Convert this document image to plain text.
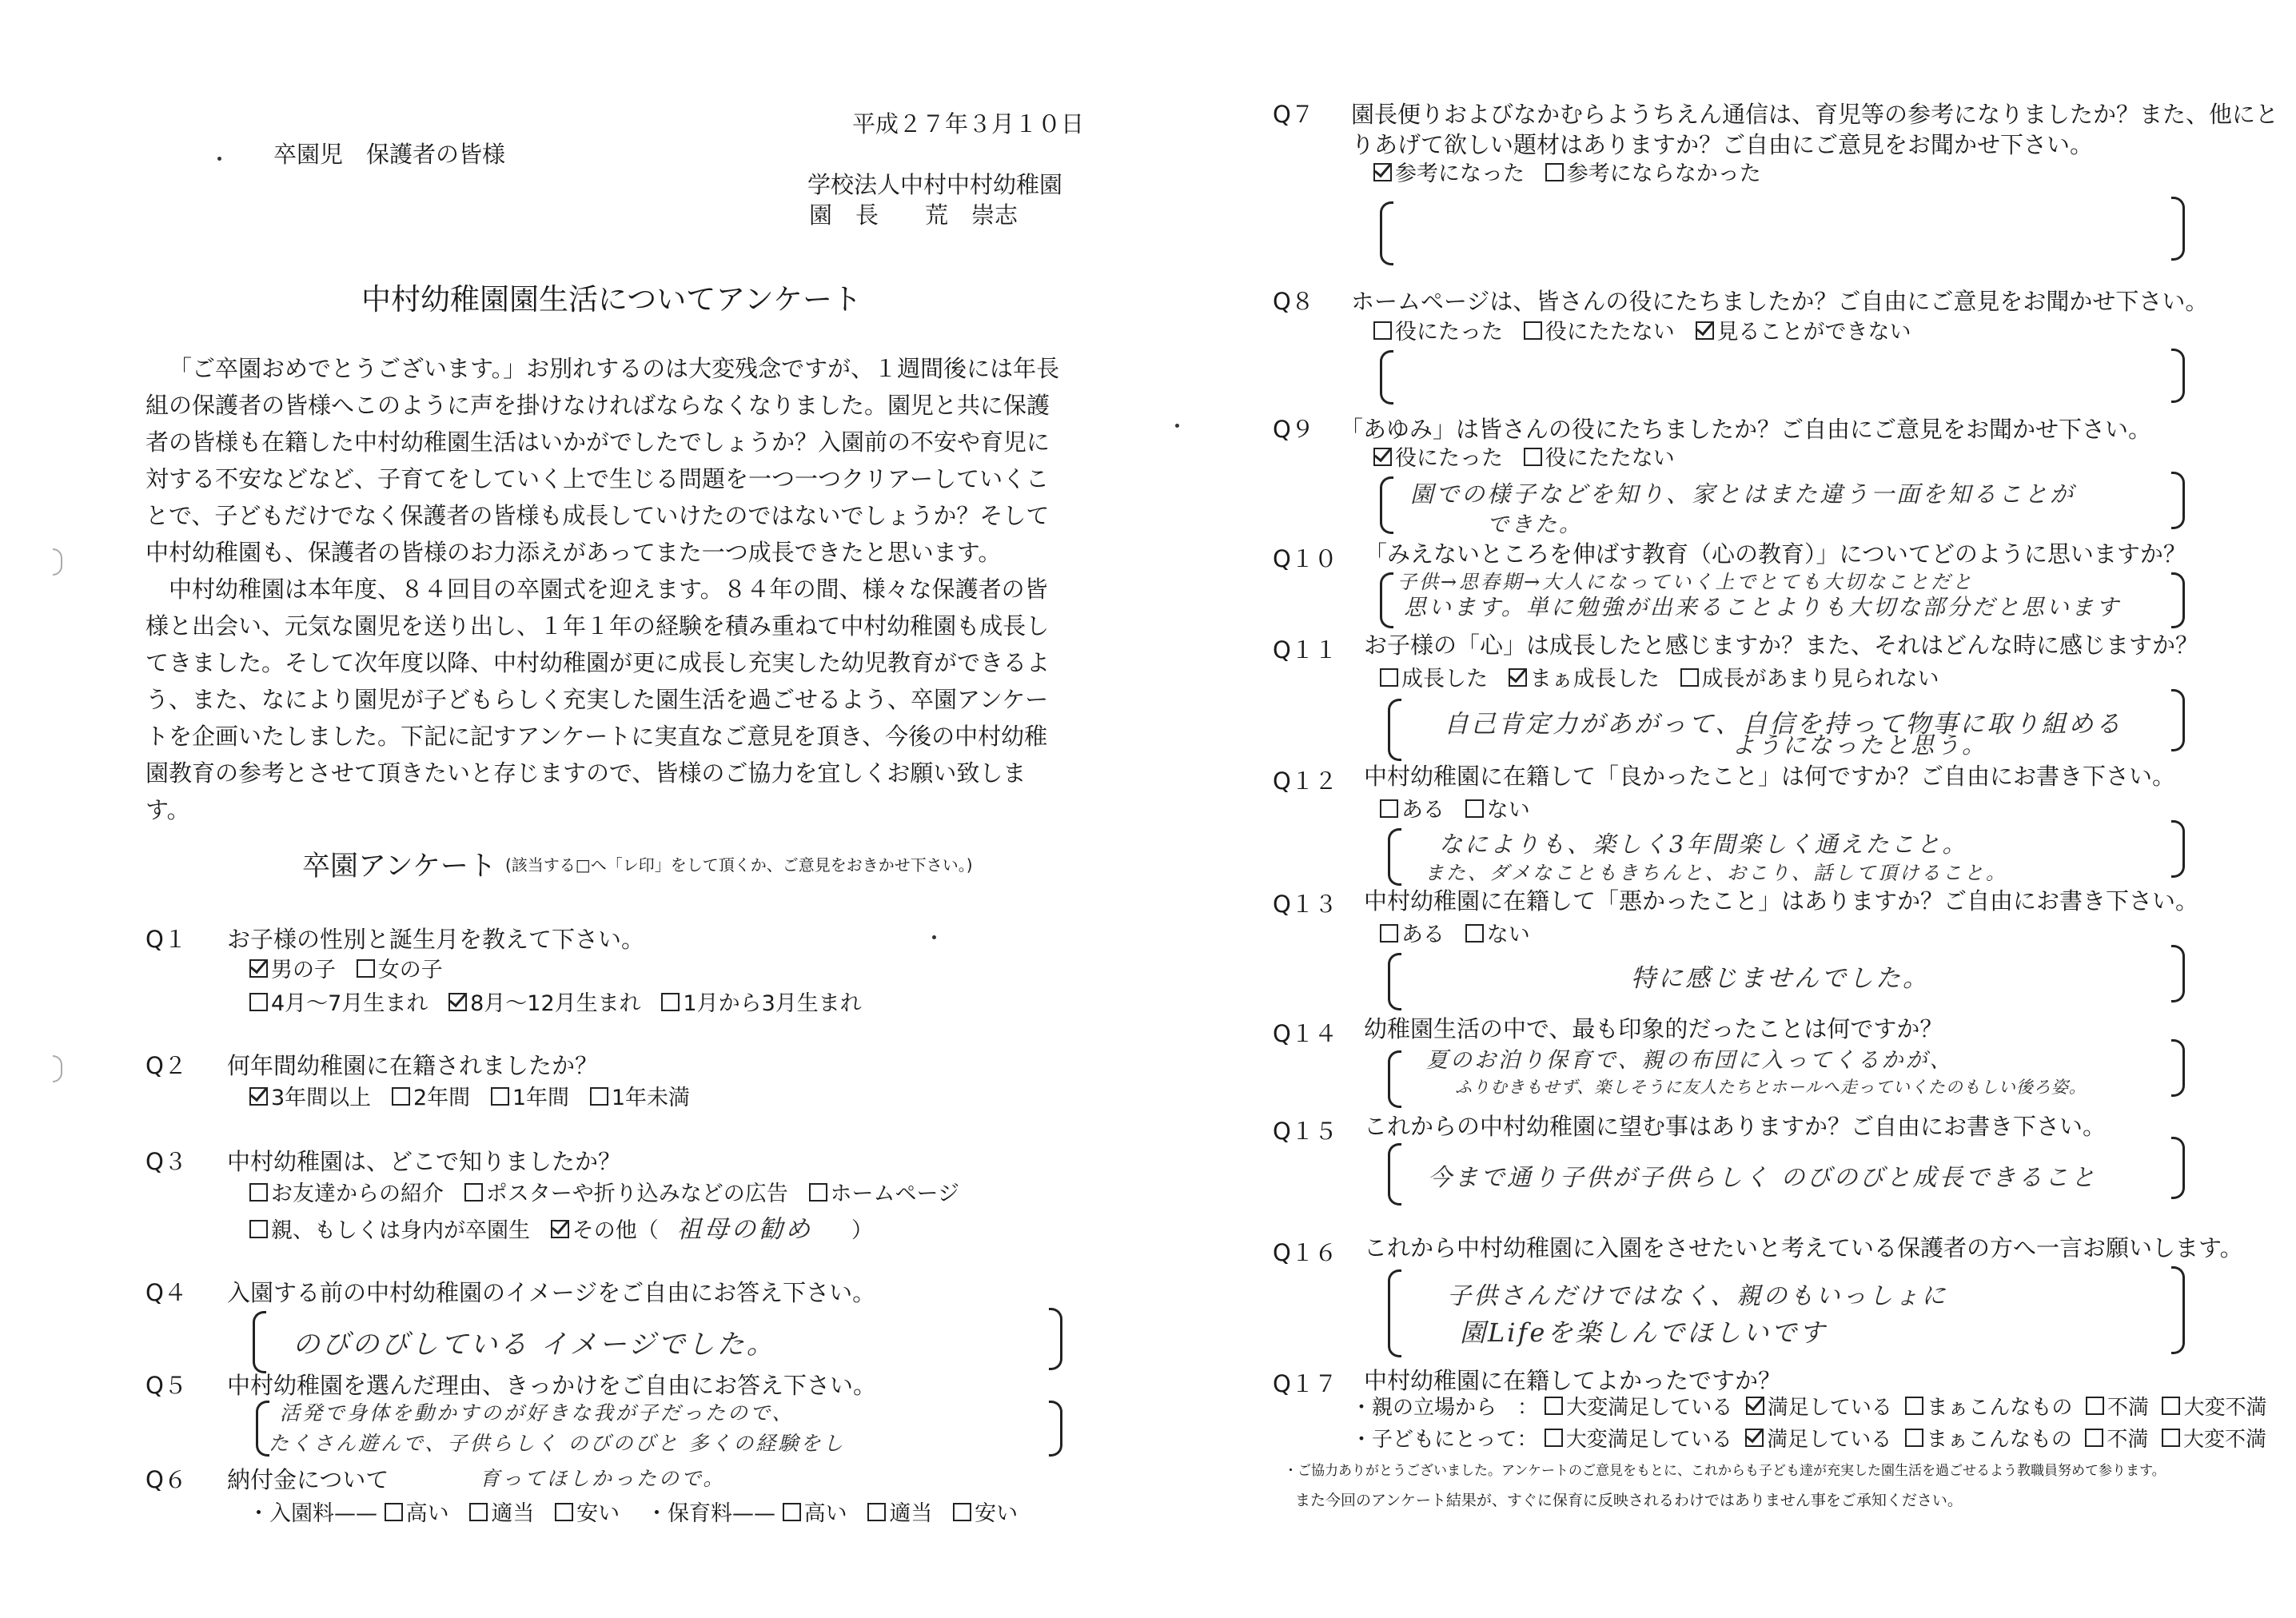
平成２７年３月１０日
卒園児　保護者の皆様
学校法人中村中村幼稚園
園　長　　荒　崇志
中村幼稚園園生活についてアンケート

「ご卒園おめでとうございます。」お別れするのは大変残念ですが、１週間後には年長組の保護者の皆様へこのように声を掛けなければならなくなりました。園児と共に保護者の皆様も在籍した中村幼稚園生活はいかがでしたでしょうか？入園前の不安や育児に対する不安などなど、子育てをしていく上で生じる問題を一つ一つクリアーしていくことで、子どもだけでなく保護者の皆様も成長していけたのではないでしょうか？そして中村幼稚園も、保護者の皆様のお力添えがあってまた一つ成長できたと思います。

中村幼稚園は本年度、８４回目の卒園式を迎えます。８４年の間、様々な保護者の皆様と出会い、元気な園児を送り出し、１年１年の経験を積み重ねて中村幼稚園も成長してきました。そして次年度以降、中村幼稚園が更に成長し充実した幼児教育ができるよう、また、なにより園児が子どもらしく充実した園生活を過ごせるよう、卒園アンケートを企画いたしました。下記に記すアンケートに実直なご意見を頂き、今後の中村幼稚園教育の参考とさせて頂きたいと存じますので、皆様のご協力を宜しくお願い致します。

卒園アンケート (該当する□へ「レ印」をして頂くか、ご意見をおきかせ下さい。)
Q１ お子様の性別と誕生月を教えて下さい。
男の子 女の子
4月～7月生まれ 8月～12月生まれ 1月から3月生まれ
Q２ 何年間幼稚園に在籍されましたか？
3年間以上 2年間 1年間 1年未満
Q３ 中村幼稚園は、どこで知りましたか？
お友達からの紹介 ポスターや折り込みなどの広告 ホームページ
親、もしくは身内が卒園生 その他（ 祖母の勧め ）
Q４ 入園する前の中村幼稚園のイメージをご自由にお答え下さい。
のびのびしている イメージでした。
Q５ 中村幼稚園を選んだ理由、きっかけをご自由にお答え下さい。
活発で身体を動かすのが好きな我が子だったので、
たくさん遊んで、子供らしく のびのびと 多くの経験をし
Q６ 納付金について	育ってほしかったので。
・入園料—— 高い 適当 安い ・保育料—— 高い 適当 安い
Q７ 園長便りおよびなかむらようちえん通信は、育児等の参考になりましたか？また、他にと
りあげて欲しい題材はありますか？ご自由にご意見をお聞かせ下さい。
参考になった 参考にならなかった
Q８ ホームページは、皆さんの役にたちましたか？ご自由にご意見をお聞かせ下さい。
役にたった 役にたたない 見ることができない
Q９ 「あゆみ」は皆さんの役にたちましたか？ご自由にご意見をお聞かせ下さい。
役にたった 役にたたない
園での様子などを知り、家とはまた違う一面を知ることが
できた。
Q１０ 「みえないところを伸ばす教育（心の教育）」についてどのように思いますか？
子供→思春期→大人になっていく上でとても大切なことだと
思います。単に勉強が出来ることよりも大切な部分だと思います
Q１１ お子様の「心」は成長したと感じますか？また、それはどんな時に感じますか？
成長した まぁ成長した 成長があまり見られない
自己肯定力があがって、自信を持って物事に取り組める
ようになったと思う。
Q１２ 中村幼稚園に在籍して「良かったこと」は何ですか？ご自由にお書き下さい。
ある ない
なによりも、楽しく3年間楽しく通えたこと。
また、ダメなこともきちんと、おこり、話して頂けること。
Q１３ 中村幼稚園に在籍して「悪かったこと」はありますか？ご自由にお書き下さい。
ある ない
特に感じませんでした。
Q１４ 幼稚園生活の中で、最も印象的だったことは何ですか？
夏のお泊り保育で、親の布団に入ってくるかが、
ふりむきもせず、楽しそうに友人たちとホールへ走っていくたのもしい後ろ姿。
Q１５ これからの中村幼稚園に望む事はありますか？ご自由にお書き下さい。
今まで通り子供が子供らしく のびのびと成長できること
Q１６ これから中村幼稚園に入園をさせたいと考えている保護者の方へ一言お願いします。
子供さんだけではなく、親のもいっしょに
園Lifeを楽しんでほしいです
Q１７ 中村幼稚園に在籍してよかったですか？
・親の立場から　： 大変満足している 満足している まぁこんなもの 不満 大変不満
・子どもにとって： 大変満足している 満足している まぁこんなもの 不満 大変不満
・ご協力ありがとうございました。アンケートのご意見をもとに、これからも子ども達が充実した園生活を過ごせるよう教職員努めて参ります。
また今回のアンケート結果が、すぐに保育に反映されるわけではありません事をご承知ください。
